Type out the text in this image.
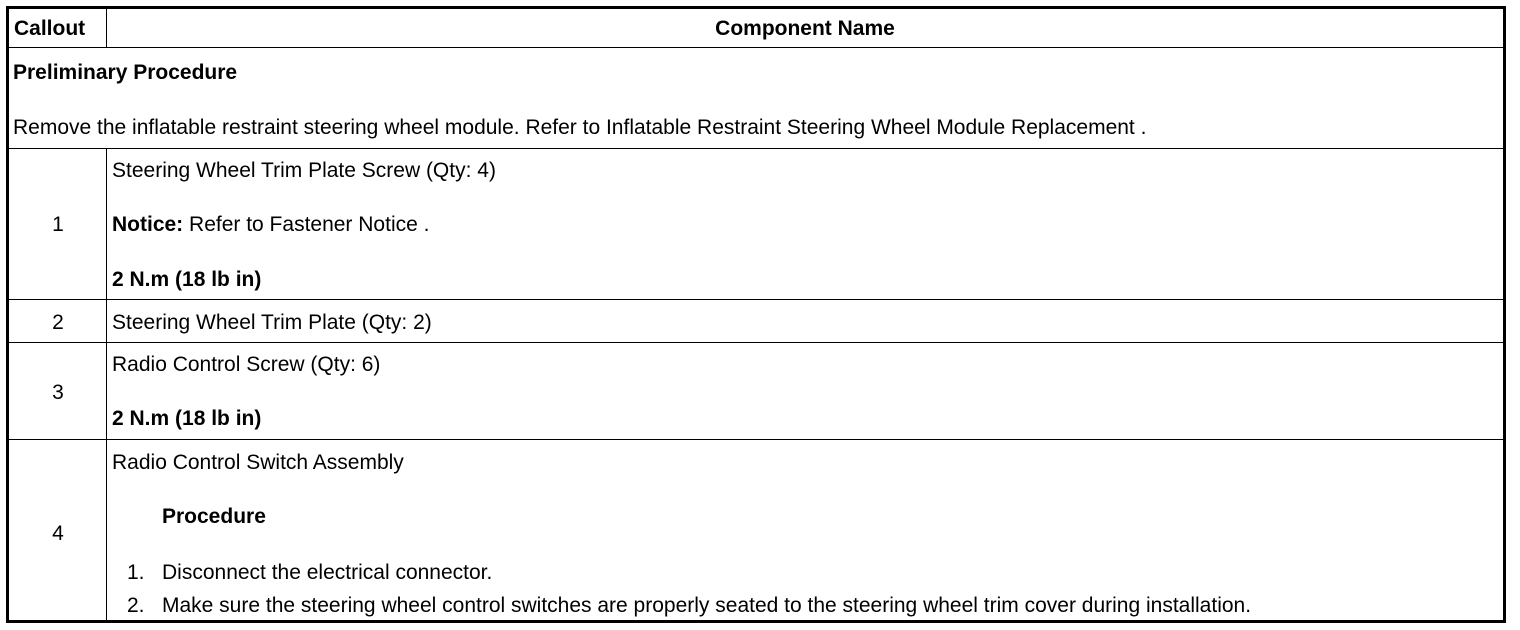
Callout	Component Name
Preliminary Procedure
Remove the inflatable restraint steering wheel module. Refer to Inflatable Restraint Steering Wheel Module Replacement .
1
Steering Wheel Trim Plate Screw (Qty: 4)
Notice: Refer to Fastener Notice .
2 N.m (18 lb in)
2	Steering Wheel Trim Plate (Qty: 2)
3
Radio Control Screw (Qty: 6)
2 N.m (18 lb in)
4
Radio Control Switch Assembly
Procedure
1. Disconnect the electrical connector.
2. Make sure the steering wheel control switches are properly seated to the steering wheel trim cover during installation.
